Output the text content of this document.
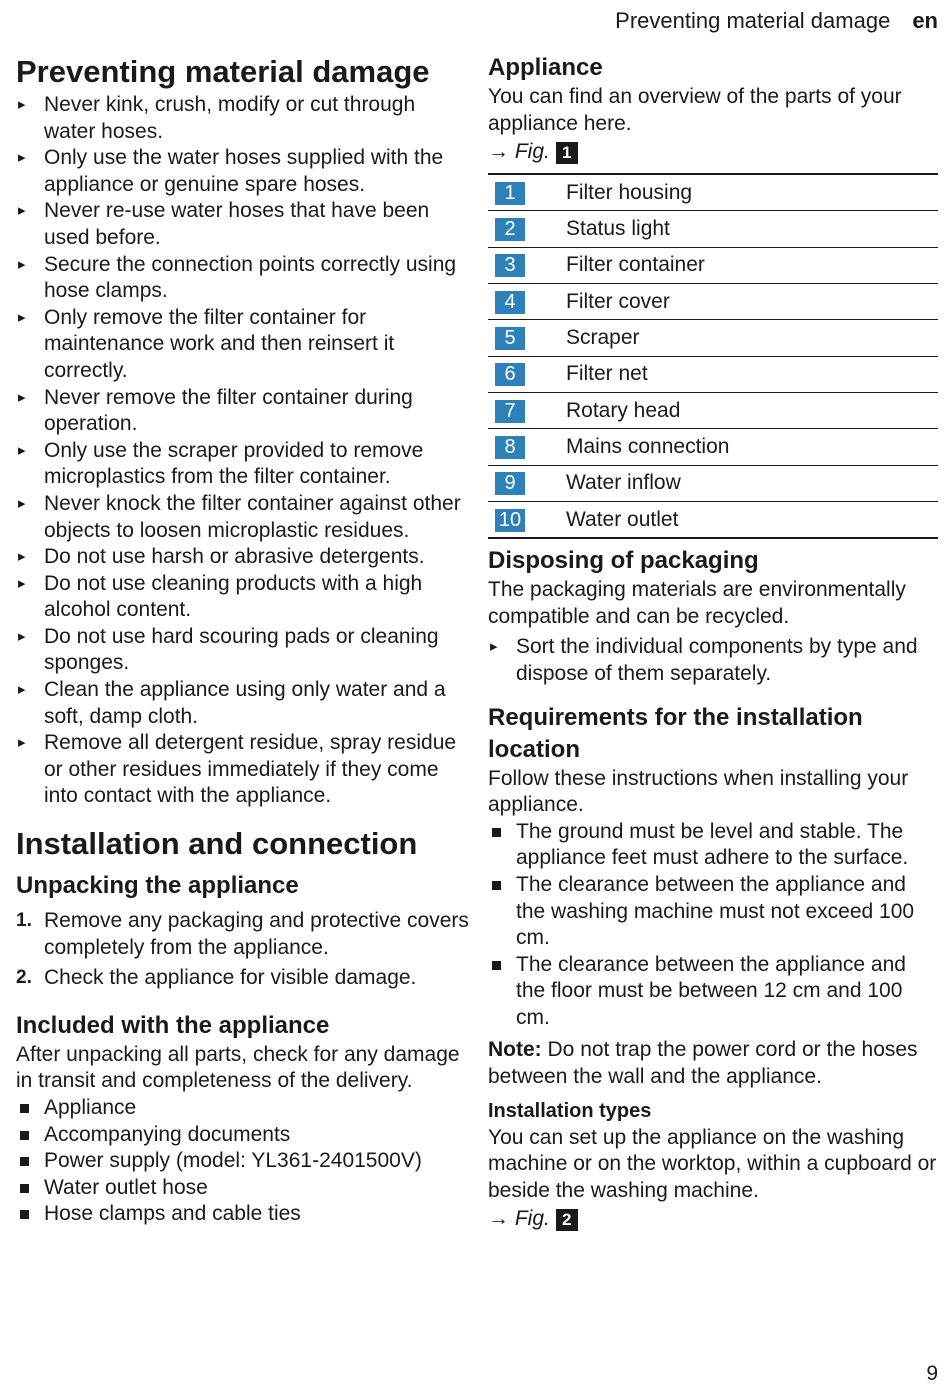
Preventing material damage en
Preventing material damage
▸ Never kink, crush, modify or cut through water hoses.
▸ Only use the water hoses supplied with the appliance or genuine spare hoses.
▸ Never re-use water hoses that have been used before.
▸ Secure the connection points correctly using hose clamps.
▸ Only remove the filter container for maintenance work and then reinsert it correctly.
▸ Never remove the filter container during operation.
▸ Only use the scraper provided to remove microplastics from the filter container.
▸ Never knock the filter container against other objects to loosen microplastic residues.
▸ Do not use harsh or abrasive detergents.
▸ Do not use cleaning products with a high alcohol content.
▸ Do not use hard scouring pads or cleaning sponges.
▸ Clean the appliance using only water and a soft, damp cloth.
▸ Remove all detergent residue, spray residue or other residues immediately if they come into contact with the appliance.
Installation and connection
Unpacking the appliance
1. Remove any packaging and protective covers completely from the appliance.
2. Check the appliance for visible damage.
Included with the appliance

After unpacking all parts, check for any damage in transit and completeness of the delivery.

Appliance
Accompanying documents
Power supply (model: YL361-2401500V)
Water outlet hose
Hose clamps and cable ties
Appliance

You can find an overview of the parts of your appliance here.

→ Fig. 1
1	Filter housing
2	Status light
3	Filter container
4	Filter cover
5	Scraper
6	Filter net
7	Rotary head
8	Mains connection
9	Water inflow
10	Water outlet
Disposing of packaging

The packaging materials are environmentally compatible and can be recycled.

▸ Sort the individual components by type and dispose of them separately.
Requirements for the installation location

Follow these instructions when installing your appliance.

The ground must be level and stable. The appliance feet must adhere to the surface.
The clearance between the appliance and the washing machine must not exceed 100 cm.
The clearance between the appliance and the floor must be between 12 cm and 100 cm.

Note: Do not trap the power cord or the hoses between the wall and the appliance.

Installation types

You can set up the appliance on the washing machine or on the worktop, within a cupboard or beside the washing machine.

→ Fig. 2
9
